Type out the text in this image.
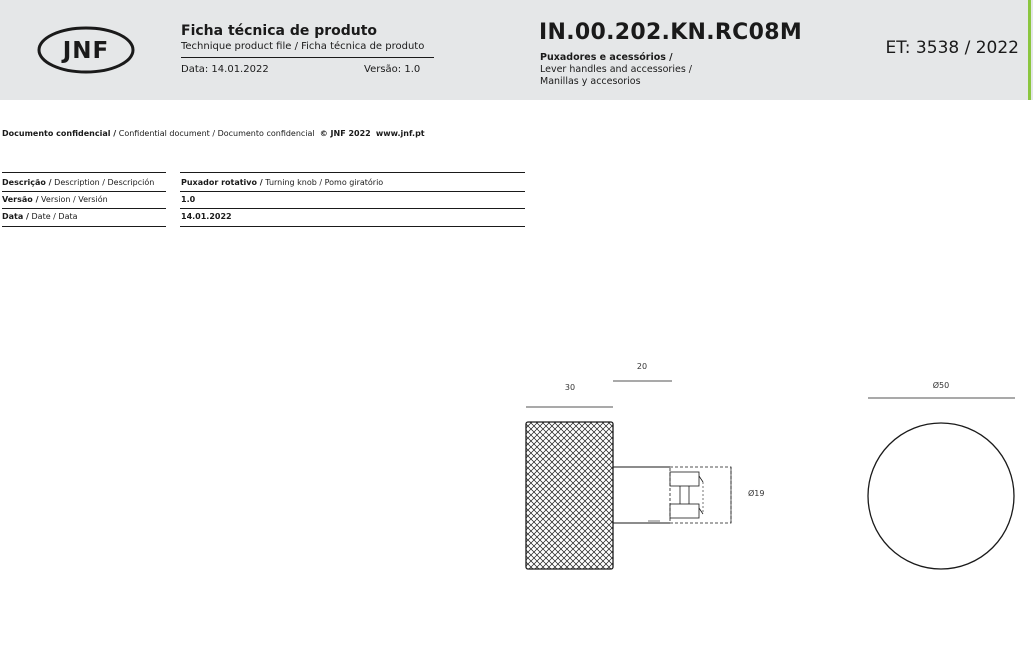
JNF
Ficha técnica de produto
Technique product file / Ficha técnica de produto
Data: 14.01.2022	Versão: 1.0
IN.00.202.KN.RC08M
Puxadores e acessórios /
Lever handles and accessories /
Manillas y accesorios
ET: 3538 / 2022
Documento confidencial / Confidential document / Documento confidencial © JNF 2022 www.jnf.pt
Descrição / Description / Descripción	Puxador rotativo / Turning knob / Pomo giratório
Versão / Version / Versión	1.0
Data / Date / Data	14.01.2022
30
20
Ø19
Ø50
